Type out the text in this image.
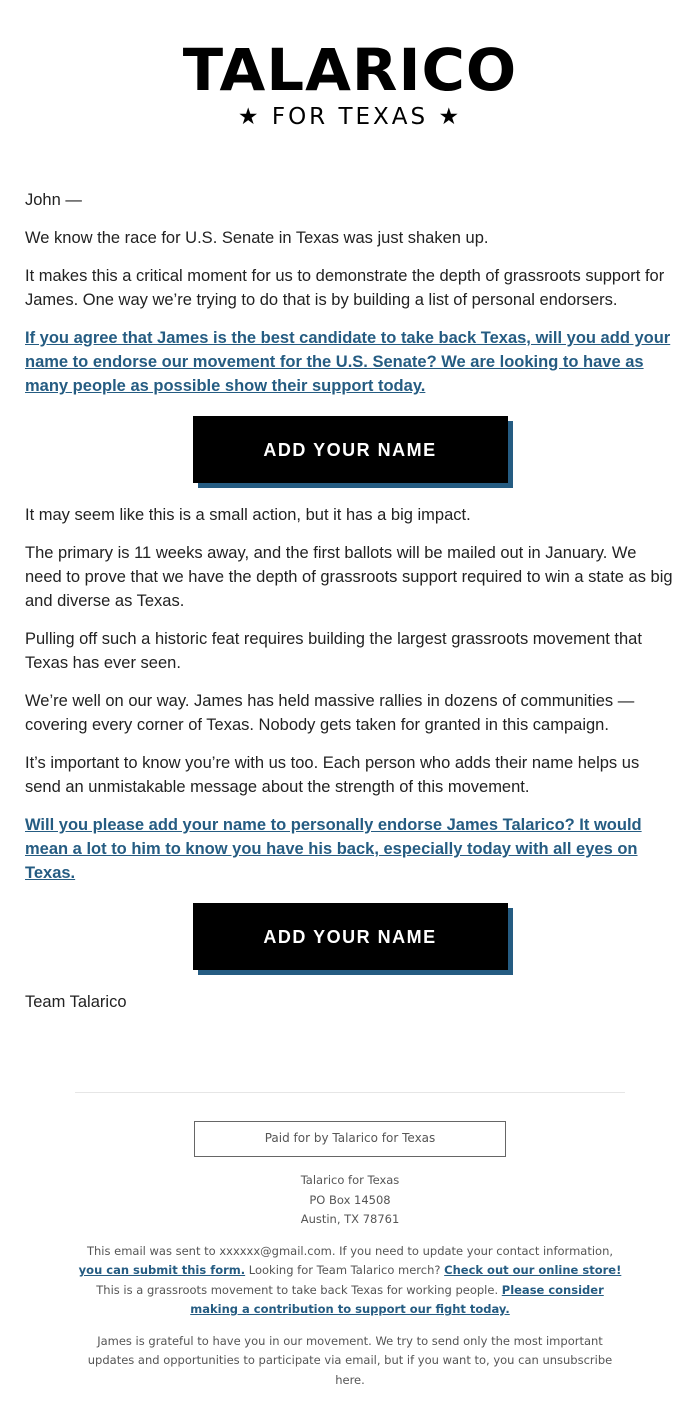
TALARICO
★ FOR TEXAS ★

John —

We know the race for U.S. Senate in Texas was just shaken up.

It makes this a critical moment for us to demonstrate the depth of grassroots support for James. One way we’re trying to do that is by building a list of personal endorsers.

If you agree that James is the best candidate to take back Texas, will you add your name to endorse our movement for the U.S. Senate? We are looking to have as many people as possible show their support today.

ADD YOUR NAME

It may seem like this is a small action, but it has a big impact.

The primary is 11 weeks away, and the first ballots will be mailed out in January. We need to prove that we have the depth of grassroots support required to win a state as big and diverse as Texas.

Pulling off such a historic feat requires building the largest grassroots movement that Texas has ever seen.

We’re well on our way. James has held massive rallies in dozens of communities — covering every corner of Texas. Nobody gets taken for granted in this campaign.

It’s important to know you’re with us too. Each person who adds their name helps us send an unmistakable message about the strength of this movement.

Will you please add your name to personally endorse James Talarico? It would mean a lot to him to know you have his back, especially today with all eyes on Texas.

ADD YOUR NAME

Team Talarico

Paid for by Talarico for Texas

Talarico for Texas
PO Box 14508
Austin, TX 78761

This email was sent to xxxxxx@gmail.com. If you need to update your contact information, you can submit this form. Looking for Team Talarico merch? Check out our online store! This is a grassroots movement to take back Texas for working people. Please consider making a contribution to support our fight today.

James is grateful to have you in our movement. We try to send only the most important updates and opportunities to participate via email, but if you want to, you can unsubscribe here.
